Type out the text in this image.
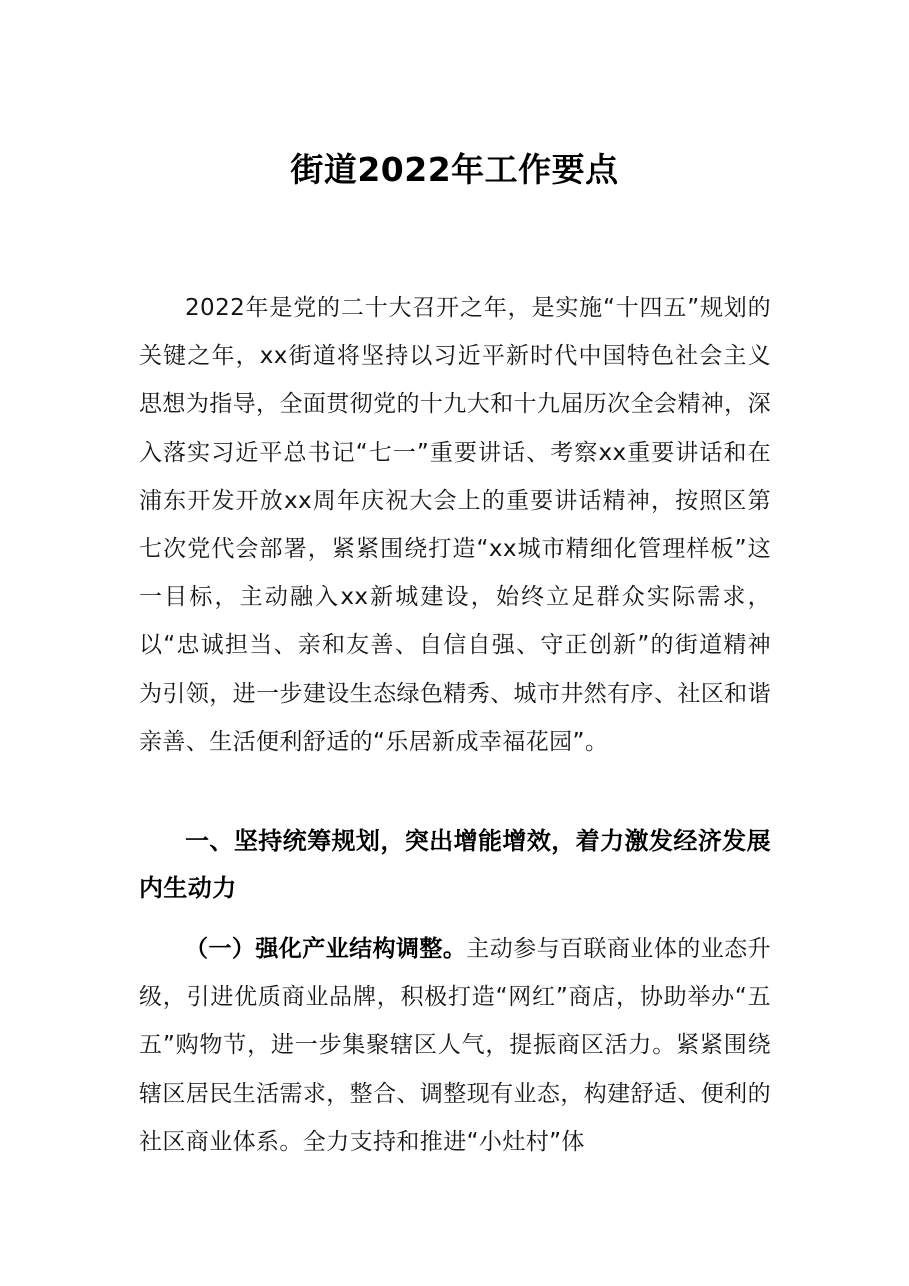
街道2022年工作要点

2022年是党的二十大召开之年，是实施“十四五”规划的关键之年，xx街道将坚持以习近平新时代中国特色社会主义思想为指导，全面贯彻党的十九大和十九届历次全会精神，深入落实习近平总书记“七一”重要讲话、考察xx重要讲话和在浦东开发开放xx周年庆祝大会上的重要讲话精神，按照区第七次党代会部署，紧紧围绕打造“xx城市精细化管理样板”这一目标，主动融入xx新城建设，始终立足群众实际需求，以“忠诚担当、亲和友善、自信自强、守正创新”的街道精神为引领，进一步建设生态绿色精秀、城市井然有序、社区和谐亲善、生活便利舒适的“乐居新成幸福花园”。

一、坚持统筹规划，突出增能增效，着力激发经济发展内生动力

（一）强化产业结构调整。主动参与百联商业体的业态升级，引进优质商业品牌，积极打造“网红”商店，协助举办“五五”购物节，进一步集聚辖区人气，提振商区活力。紧紧围绕辖区居民生活需求，整合、调整现有业态，构建舒适、便利的社区商业体系。全力支持和推进“小灶村”体
